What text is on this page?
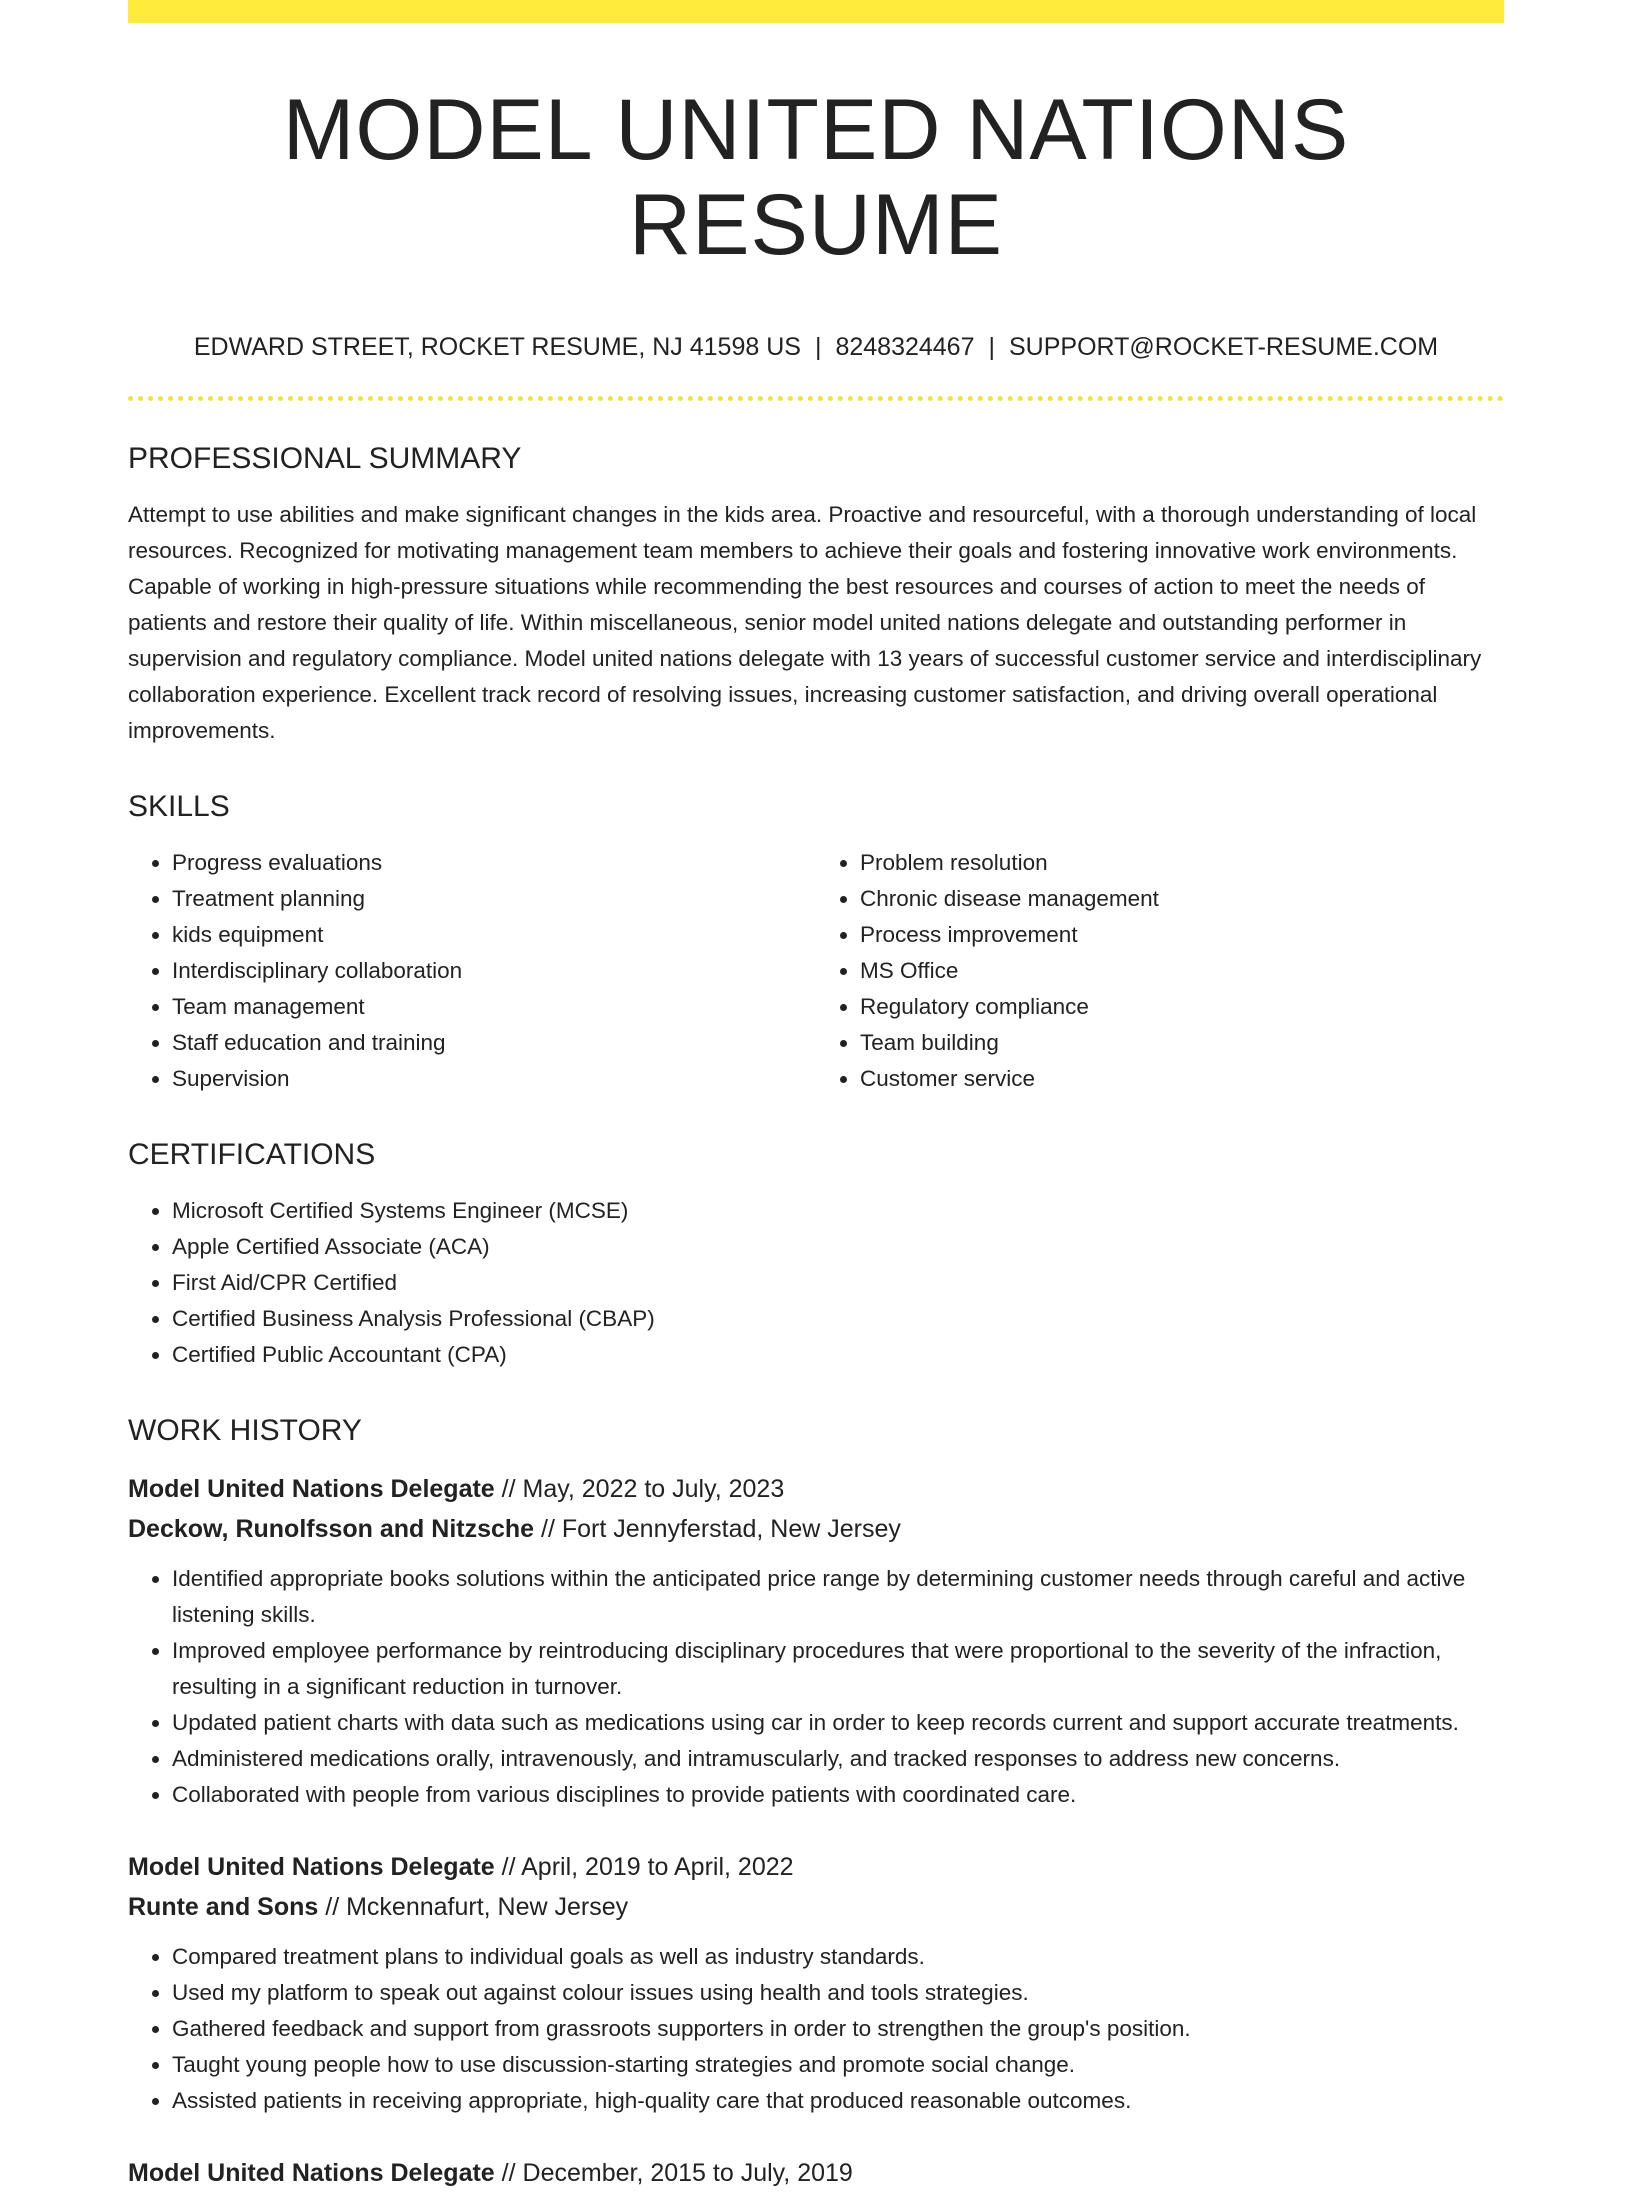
MODEL UNITED NATIONS RESUME
EDWARD STREET, ROCKET RESUME, NJ 41598 US | 8248324467 | SUPPORT@ROCKET-RESUME.COM
PROFESSIONAL SUMMARY
Attempt to use abilities and make significant changes in the kids area. Proactive and resourceful, with a thorough understanding of local resources. Recognized for motivating management team members to achieve their goals and fostering innovative work environments. Capable of working in high-pressure situations while recommending the best resources and courses of action to meet the needs of patients and restore their quality of life. Within miscellaneous, senior model united nations delegate and outstanding performer in supervision and regulatory compliance. Model united nations delegate with 13 years of successful customer service and interdisciplinary collaboration experience. Excellent track record of resolving issues, increasing customer satisfaction, and driving overall operational improvements.
SKILLS
• Progress evaluations
• Treatment planning
• kids equipment
• Interdisciplinary collaboration
• Team management
• Staff education and training
• Supervision
• Problem resolution
• Chronic disease management
• Process improvement
• MS Office
• Regulatory compliance
• Team building
• Customer service
CERTIFICATIONS
• Microsoft Certified Systems Engineer (MCSE)
• Apple Certified Associate (ACA)
• First Aid/CPR Certified
• Certified Business Analysis Professional (CBAP)
• Certified Public Accountant (CPA)
WORK HISTORY
Model United Nations Delegate // May, 2022 to July, 2023
Deckow, Runolfsson and Nitzsche // Fort Jennyferstad, New Jersey
• Identified appropriate books solutions within the anticipated price range by determining customer needs through careful and active listening skills.
• Improved employee performance by reintroducing disciplinary procedures that were proportional to the severity of the infraction, resulting in a significant reduction in turnover.
• Updated patient charts with data such as medications using car in order to keep records current and support accurate treatments.
• Administered medications orally, intravenously, and intramuscularly, and tracked responses to address new concerns.
• Collaborated with people from various disciplines to provide patients with coordinated care.
Model United Nations Delegate // April, 2019 to April, 2022
Runte and Sons // Mckennafurt, New Jersey
• Compared treatment plans to individual goals as well as industry standards.
• Used my platform to speak out against colour issues using health and tools strategies.
• Gathered feedback and support from grassroots supporters in order to strengthen the group's position.
• Taught young people how to use discussion-starting strategies and promote social change.
• Assisted patients in receiving appropriate, high-quality care that produced reasonable outcomes.
Model United Nations Delegate // December, 2015 to July, 2019
